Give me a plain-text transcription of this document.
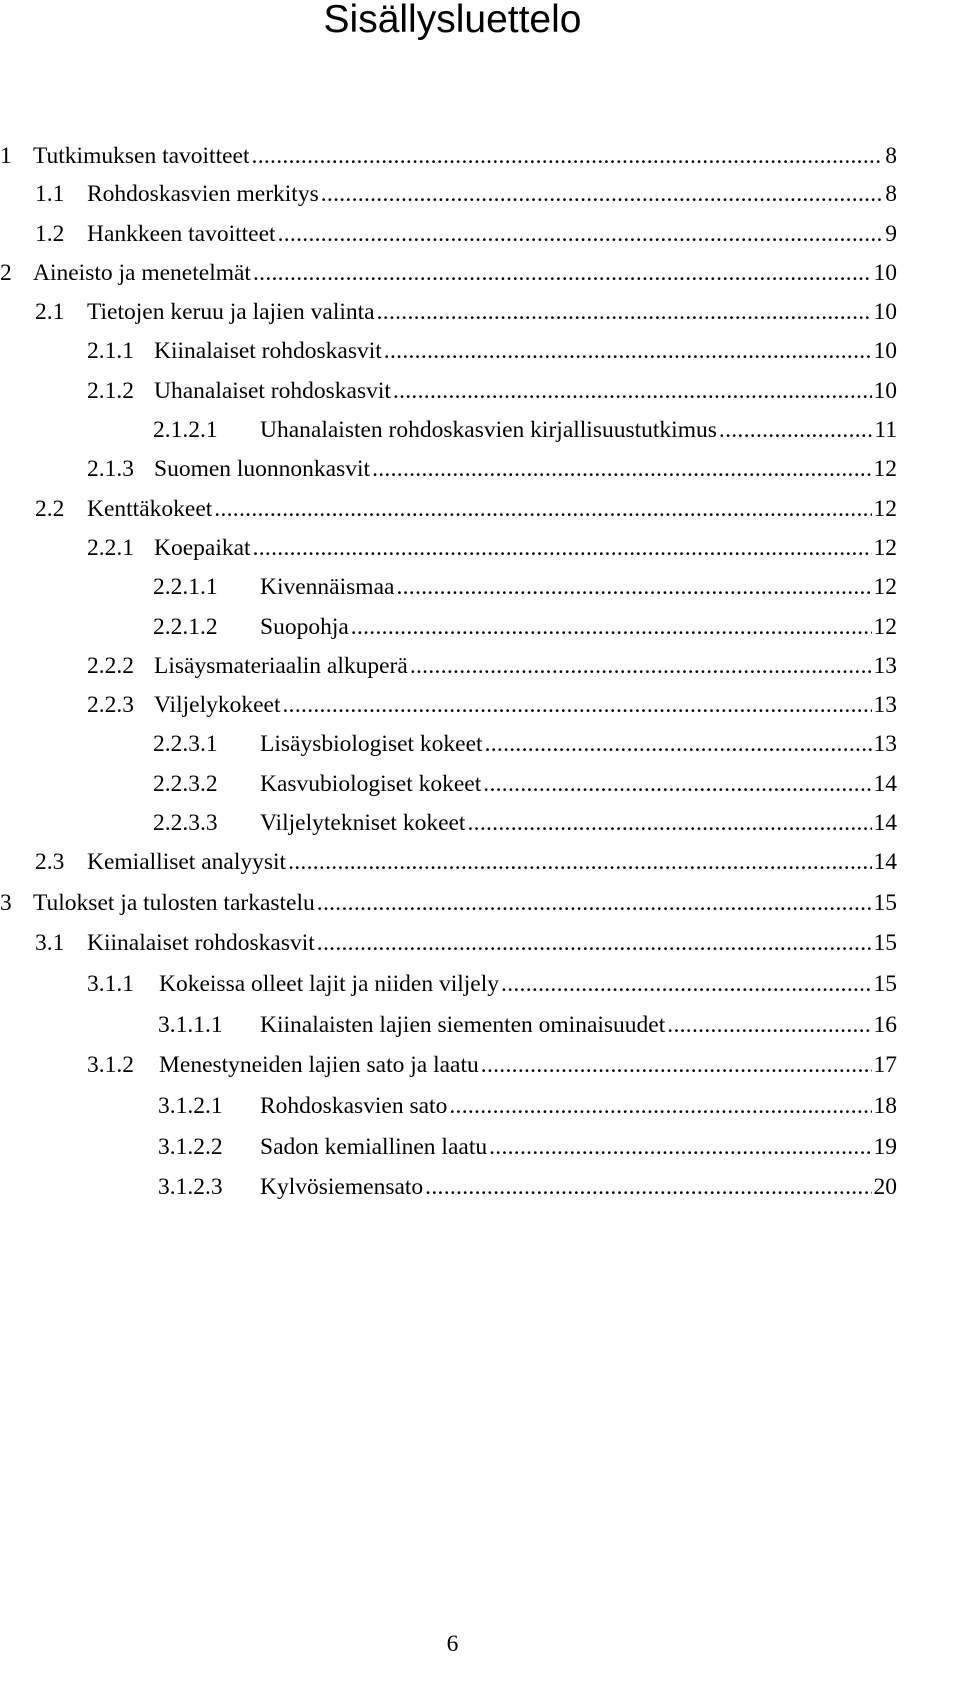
Sisällysluettelo
1 Tutkimuksen tavoitteet .....	8
1.1 Rohdoskasvien merkitys .....	8
1.2 Hankkeen tavoitteet .....	9
2 Aineisto ja menetelmät .....	10
2.1 Tietojen keruu ja lajien valinta .....	10
2.1.1 Kiinalaiset rohdoskasvit .....	10
2.1.2 Uhanalaiset rohdoskasvit .....	10
2.1.2.1	Uhanalaisten rohdoskasvien kirjallisuustutkimus .....	11
2.1.3 Suomen luonnonkasvit .....	12
2.2 Kenttäkokeet .....	12
2.2.1 Koepaikat .....	12
2.2.1.1	Kivennäismaa .....	12
2.2.1.2	Suopohja .....	12
2.2.2 Lisäysmateriaalin alkuperä .....	13
2.2.3 Viljelykokeet .....	13
2.2.3.1	Lisäysbiologiset kokeet .....	13
2.2.3.2	Kasvubiologiset kokeet .....	14
2.2.3.3	Viljelytekniset kokeet .....	14
2.3 Kemialliset analyysit .....	14
3 Tulokset ja tulosten tarkastelu .....	15
3.1 Kiinalaiset rohdoskasvit .....	15
3.1.1	Kokeissa olleet lajit ja niiden viljely .....	15
3.1.1.1	Kiinalaisten lajien siementen ominaisuudet .....	16
3.1.2	Menestyneiden lajien sato ja laatu .....	17
3.1.2.1	Rohdoskasvien sato .....	18
3.1.2.2	Sadon kemiallinen laatu .....	19
3.1.2.3	Kylvösiemensato .....	20
6
